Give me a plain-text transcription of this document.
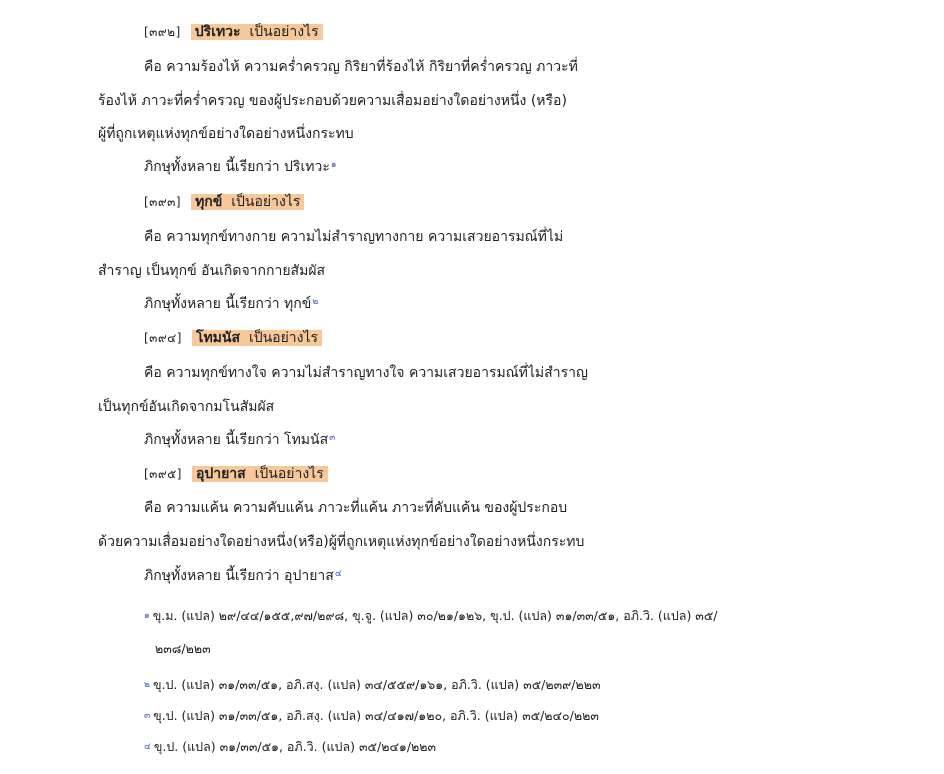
[๓๙๒] ปริเทวะ เป็นอย่างไร
คือ ความร้องไห้ ความคร่ำครวญ กิริยาที่ร้องไห้ กิริยาที่คร่ำครวญ ภาวะที่
ร้องไห้ ภาวะที่คร่ำครวญ ของผู้ประกอบด้วยความเสื่อมอย่างใดอย่างหนึ่ง (หรือ)
ผู้ที่ถูกเหตุแห่งทุกข์อย่างใดอย่างหนึ่งกระทบ
ภิกษุทั้งหลาย นี้เรียกว่า ปริเทวะ$^๑$
[๓๙๓] ทุกข์ เป็นอย่างไร
คือ ความทุกข์ทางกาย ความไม่สำราญทางกาย ความเสวยอารมณ์ที่ไม่
สำราญ เป็นทุกข์ อันเกิดจากกายสัมผัส
ภิกษุทั้งหลาย นี้เรียกว่า ทุกข์$^๒$
[๓๙๔] โทมนัส เป็นอย่างไร
คือ ความทุกข์ทางใจ ความไม่สำราญทางใจ ความเสวยอารมณ์ที่ไม่สำราญ
เป็นทุกข์อันเกิดจากมโนสัมผัส
ภิกษุทั้งหลาย นี้เรียกว่า โทมนัส$^๓$
[๓๙๕] อุปายาส เป็นอย่างไร
คือ ความแค้น ความคับแค้น ภาวะที่แค้น ภาวะที่คับแค้น ของผู้ประกอบ
ด้วยความเสื่อมอย่างใดอย่างหนึ่ง(หรือ)ผู้ที่ถูกเหตุแห่งทุกข์อย่างใดอย่างหนึ่งกระทบ
ภิกษุทั้งหลาย นี้เรียกว่า อุปายาส$^๔$
$^๑$ ขุ.ม. (แปล) ๒๙/๔๔/๑๕๕,๙๗/๒๙๘, ขุ.จู. (แปล) ๓๐/๒๑/๑๒๖, ขุ.ป. (แปล) ๓๑/๓๓/๕๑, อภิ.วิ. (แปล) ๓๕/
๒๓๘/๒๒๓
$^๒$ ขุ.ป. (แปล) ๓๑/๓๓/๕๑, อภิ.สงฺ. (แปล) ๓๔/๕๕๙/๑๖๑, อภิ.วิ. (แปล) ๓๕/๒๓๙/๒๒๓
$^๓$ ขุ.ป. (แปล) ๓๑/๓๓/๕๑, อภิ.สงฺ. (แปล) ๓๔/๔๑๗/๑๒๐, อภิ.วิ. (แปล) ๓๕/๒๔๐/๒๒๓
$^๔$ ขุ.ป. (แปล) ๓๑/๓๓/๕๑, อภิ.วิ. (แปล) ๓๕/๒๔๑/๒๒๓
